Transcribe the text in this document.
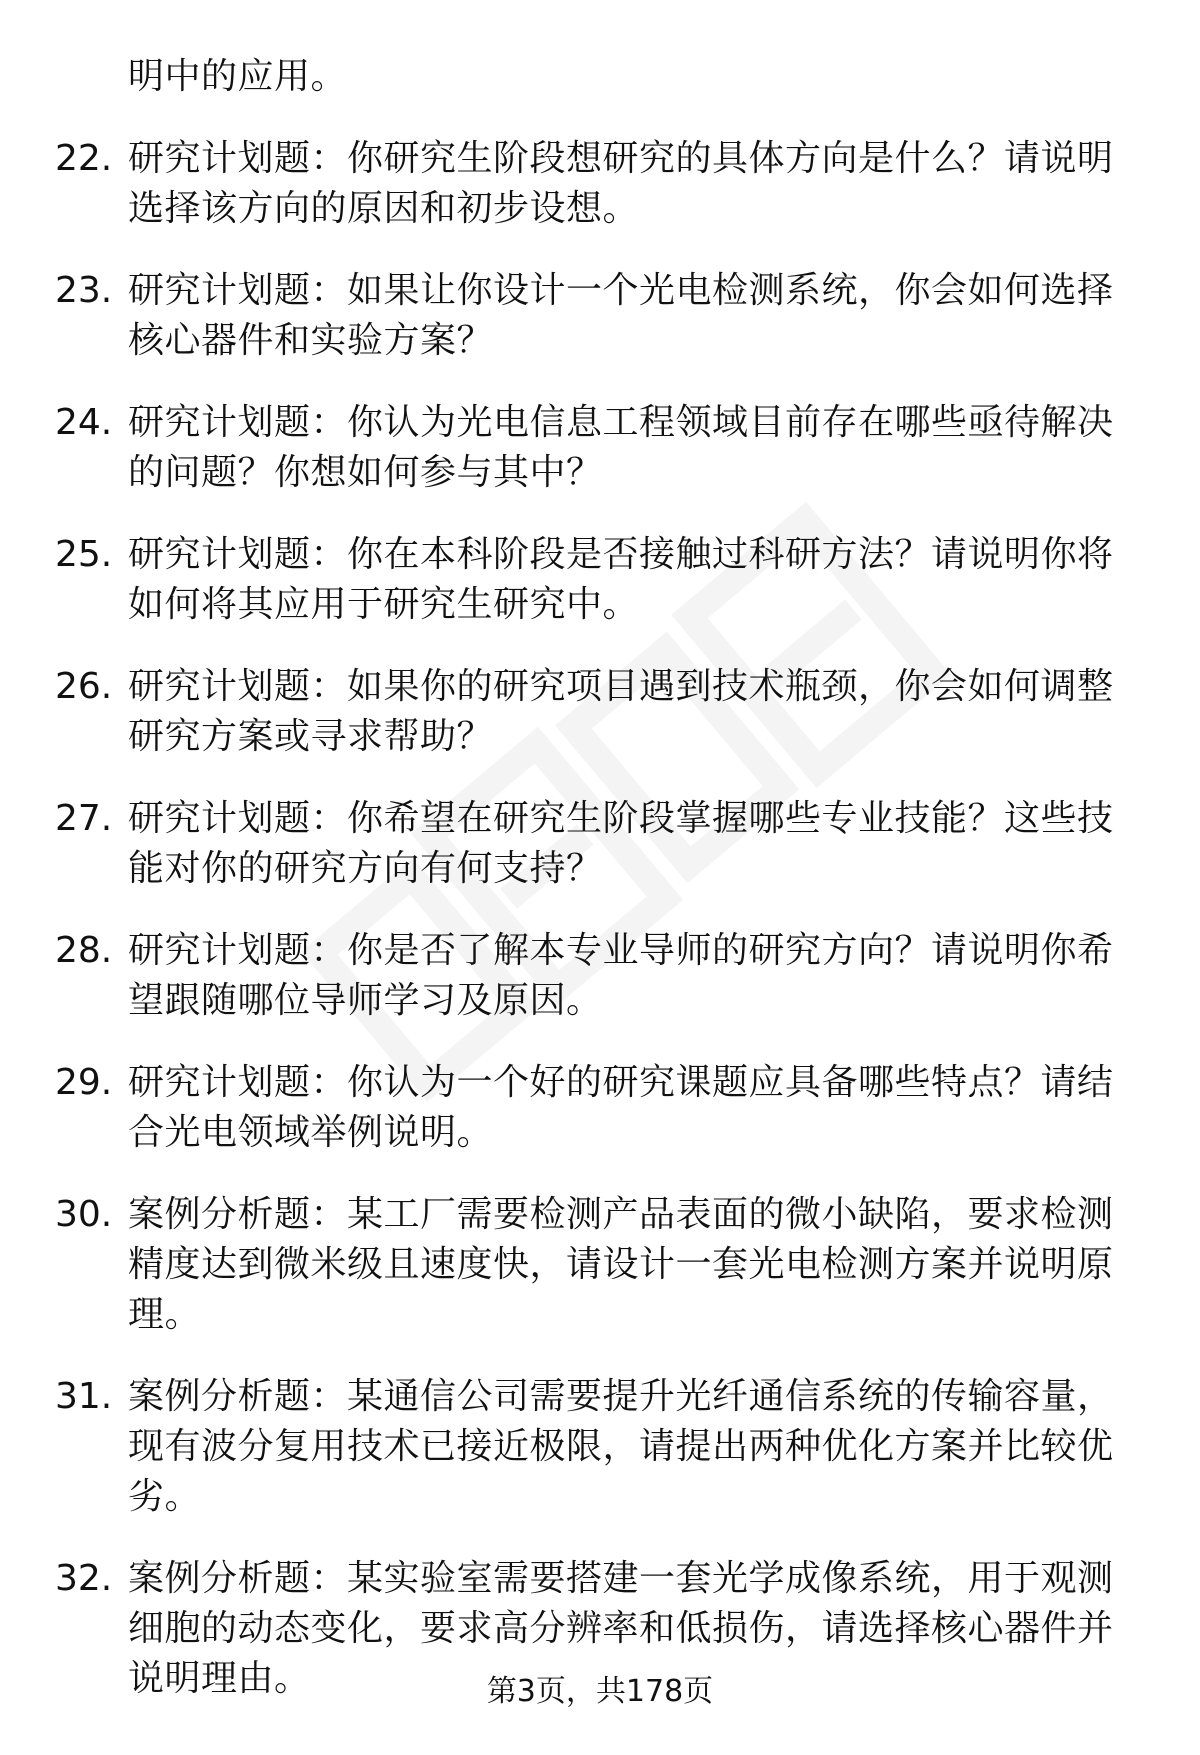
明中的应用。
22. 研究计划题：你研究生阶段想研究的具体方向是什么？请说明选择该方向的原因和初步设想。
23. 研究计划题：如果让你设计一个光电检测系统，你会如何选择核心器件和实验方案？
24. 研究计划题：你认为光电信息工程领域目前存在哪些亟待解决的问题？你想如何参与其中？
25. 研究计划题：你在本科阶段是否接触过科研方法？请说明你将如何将其应用于研究生研究中。
26. 研究计划题：如果你的研究项目遇到技术瓶颈，你会如何调整研究方案或寻求帮助？
27. 研究计划题：你希望在研究生阶段掌握哪些专业技能？这些技能对你的研究方向有何支持？
28. 研究计划题：你是否了解本专业导师的研究方向？请说明你希望跟随哪位导师学习及原因。
29. 研究计划题：你认为一个好的研究课题应具备哪些特点？请结合光电领域举例说明。
30. 案例分析题：某工厂需要检测产品表面的微小缺陷，要求检测精度达到微米级且速度快，请设计一套光电检测方案并说明原理。
31. 案例分析题：某通信公司需要提升光纤通信系统的传输容量，现有波分复用技术已接近极限，请提出两种优化方案并比较优劣。
32. 案例分析题：某实验室需要搭建一套光学成像系统，用于观测细胞的动态变化，要求高分辨率和低损伤，请选择核心器件并说明理由。	第3页，共178页
